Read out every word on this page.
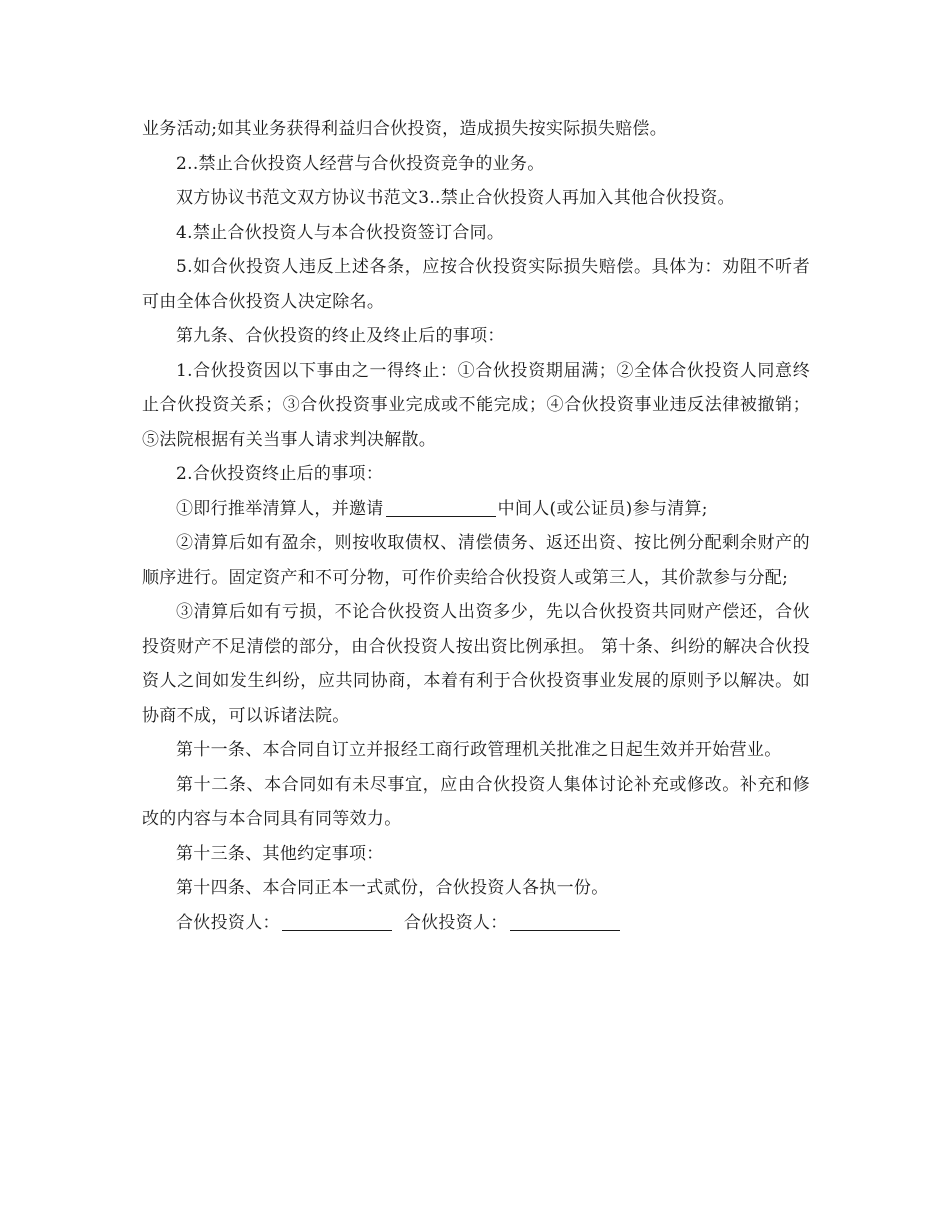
业务活动;如其业务获得利益归合伙投资，造成损失按实际损失赔偿。

2..禁止合伙投资人经营与合伙投资竞争的业务。

双方协议书范文双方协议书范文3..禁止合伙投资人再加入其他合伙投资。

4.禁止合伙投资人与本合伙投资签订合同。

5.如合伙投资人违反上述各条，应按合伙投资实际损失赔偿。具体为：劝阻不听者可由全体合伙投资人决定除名。

第九条、合伙投资的终止及终止后的事项：

1.合伙投资因以下事由之一得终止：①合伙投资期届满；②全体合伙投资人同意终止合伙投资关系；③合伙投资事业完成或不能完成；④合伙投资事业违反法律被撤销；⑤法院根据有关当事人请求判决解散。

2.合伙投资终止后的事项：

①即行推举清算人，并邀请	中间人(或公证员)参与清算;

②清算后如有盈余，则按收取债权、清偿债务、返还出资、按比例分配剩余财产的顺序进行。固定资产和不可分物，可作价卖给合伙投资人或第三人，其价款参与分配;

③清算后如有亏损，不论合伙投资人出资多少，先以合伙投资共同财产偿还，合伙投资财产不足清偿的部分，由合伙投资人按出资比例承担。 第十条、纠纷的解决合伙投资人之间如发生纠纷，应共同协商，本着有利于合伙投资事业发展的原则予以解决。如协商不成，可以诉诸法院。

第十一条、本合同自订立并报经工商行政管理机关批准之日起生效并开始营业。

第十二条、本合同如有未尽事宜，应由合伙投资人集体讨论补充或修改。补充和修改的内容与本合同具有同等效力。

第十三条、其他约定事项：

第十四条、本合同正本一式贰份，合伙投资人各执一份。

合伙投资人：	合伙投资人：
